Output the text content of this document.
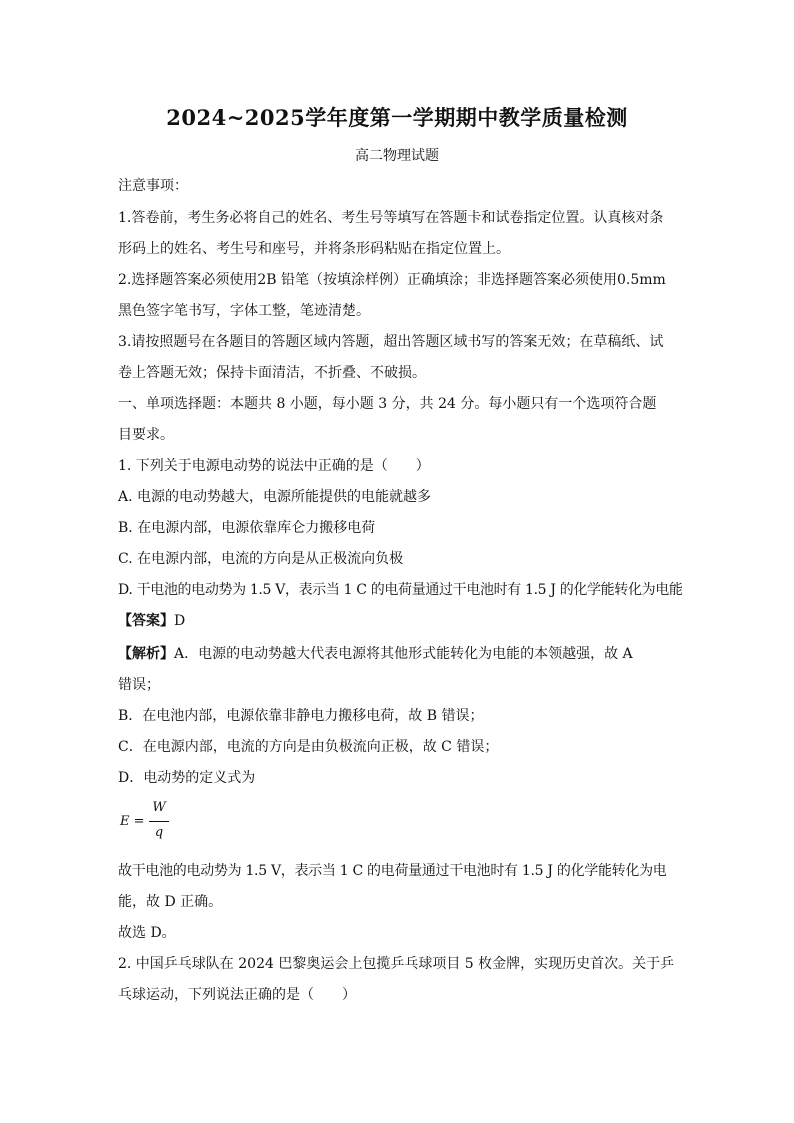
2024~2025学年度第一学期期中教学质量检测
高二物理试题
注意事项：
1.答卷前，考生务必将自己的姓名、考生号等填写在答题卡和试卷指定位置。认真核对条
形码上的姓名、考生号和座号，并将条形码粘贴在指定位置上。
2.选择题答案必须使用2B 铅笔（按填涂样例）正确填涂；非选择题答案必须使用0.5mm
黑色签字笔书写，字体工整，笔迹清楚。
3.请按照题号在各题目的答题区域内答题，超出答题区域书写的答案无效；在草稿纸、试
卷上答题无效；保持卡面清洁，不折叠、不破损。
一、单项选择题：本题共 8 小题，每小题 3 分，共 24 分。每小题只有一个选项符合题
目要求。
1. 下列关于电源电动势的说法中正确的是（　　）
A. 电源的电动势越大，电源所能提供的电能就越多
B. 在电源内部，电源依靠库仑力搬移电荷
C. 在电源内部，电流的方向是从正极流向负极
D. 干电池的电动势为 1.5 V，表示当 1 C 的电荷量通过干电池时有 1.5 J 的化学能转化为电能
【答案】D
【解析】A．电源的电动势越大代表电源将其他形式能转化为电能的本领越强，故 A
错误；
B．在电池内部，电源依靠非静电力搬移电荷，故 B 错误；
C．在电源内部，电流的方向是由负极流向正极，故 C 错误；
D．电动势的定义式为
E =
W
q
故干电池的电动势为 1.5 V，表示当 1 C 的电荷量通过干电池时有 1.5 J 的化学能转化为电
能，故 D 正确。
故选 D。
2. 中国乒乓球队在 2024 巴黎奥运会上包揽乒乓球项目 5 枚金牌，实现历史首次。关于乒
乓球运动，下列说法正确的是（　　）
